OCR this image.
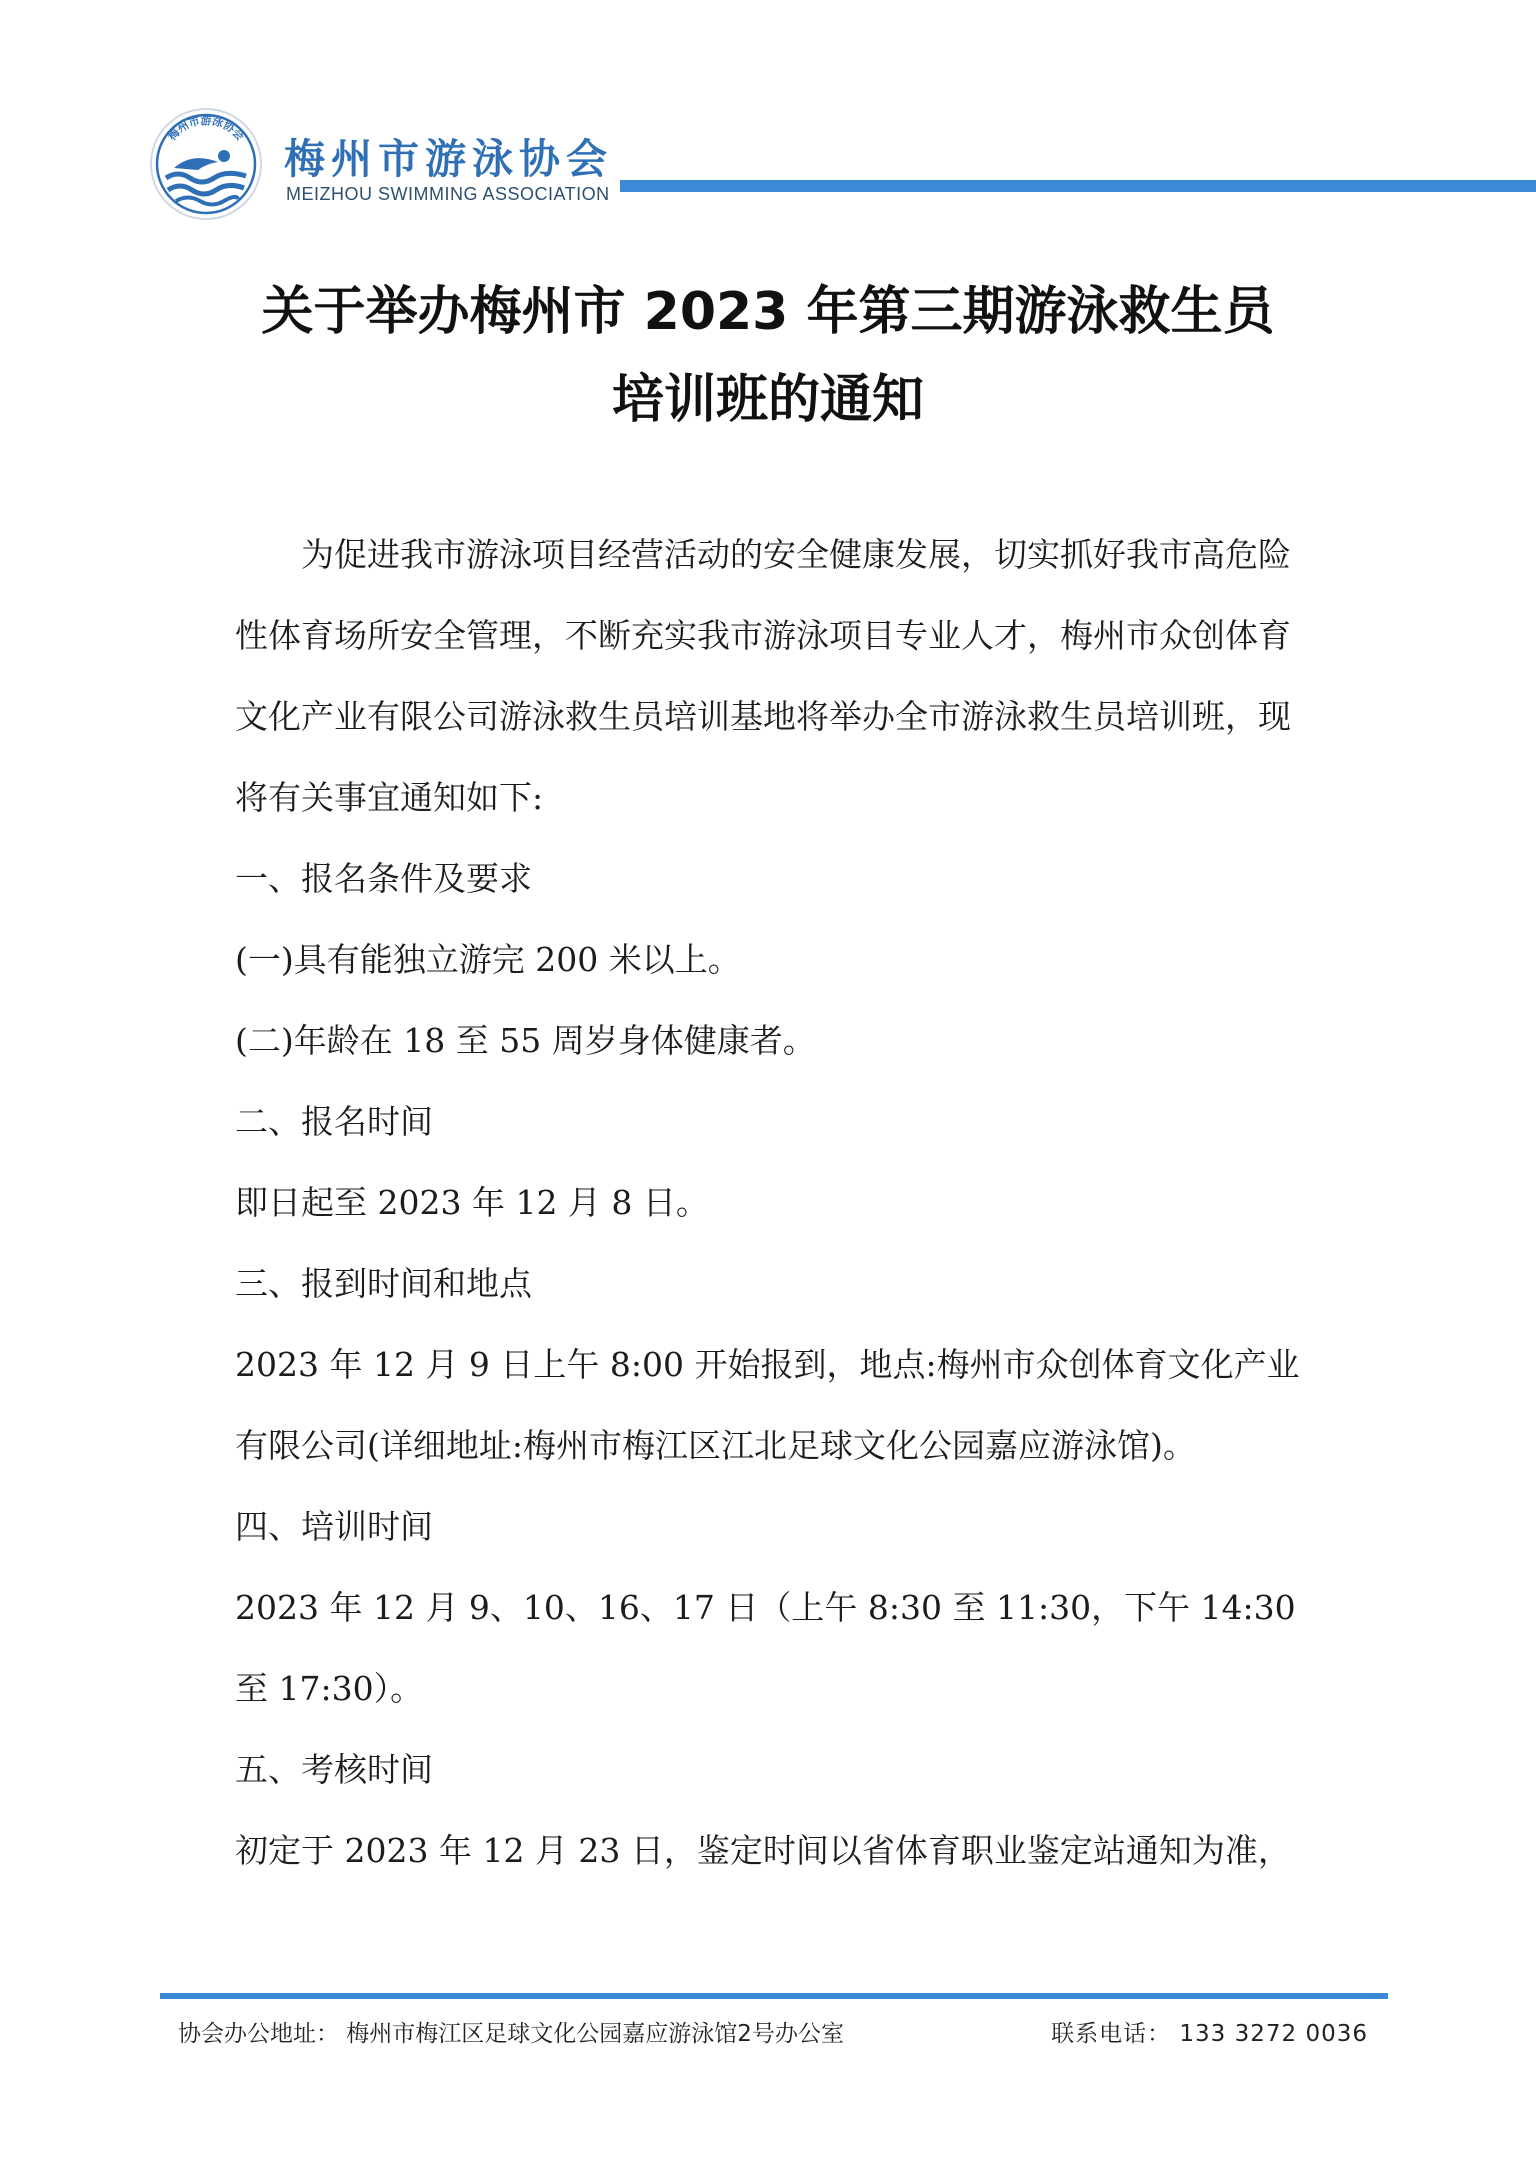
梅州市游泳协会
梅州市游泳协会
MEIZHOU SWIMMING ASSOCIATION
关于举办梅州市 2023 年第三期游泳救生员
培训班的通知

为促进我市游泳项目经营活动的安全健康发展，切实抓好我市高危险性体育场所安全管理，不断充实我市游泳项目专业人才，梅州市众创体育文化产业有限公司游泳救生员培训基地将举办全市游泳救生员培训班，现将有关事宜通知如下:

一、报名条件及要求

(一)具有能独立游完 200 米以上。

(二)年龄在 18 至 55 周岁身体健康者。

二、报名时间

即日起至 2023 年 12 月 8 日。

三、报到时间和地点

2023 年 12 月 9 日上午 8:00 开始报到，地点:梅州市众创体育文化产业有限公司(详细地址:梅州市梅江区江北足球文化公园嘉应游泳馆)。

四、培训时间

2023 年 12 月 9、10、16、17 日（上午 8:30 至 11:30，下午 14:30 至 17:30）。

五、考核时间

初定于 2023 年 12 月 23 日，鉴定时间以省体育职业鉴定站通知为准，

协会办公地址： 梅州市梅江区足球文化公园嘉应游泳馆2号办公室	联系电话： 133 3272 0036
